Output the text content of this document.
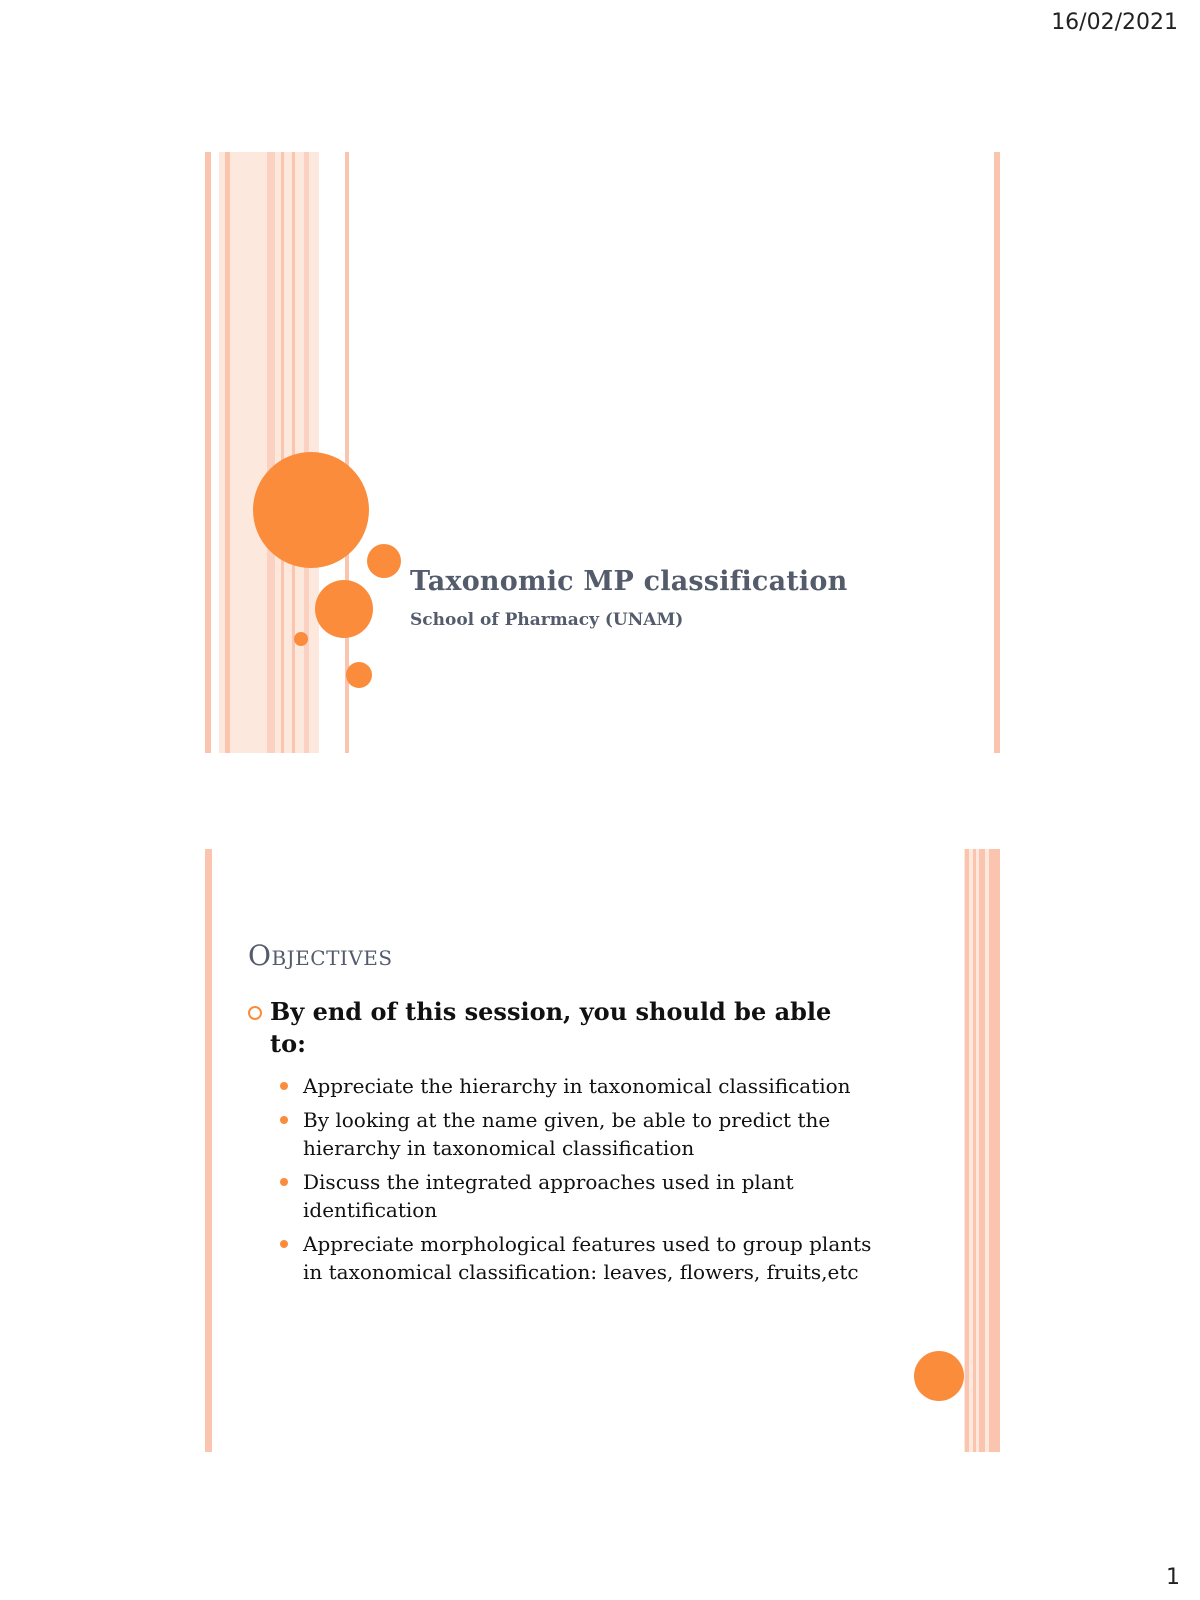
16/02/2021
1
Taxonomic MP classification
School of Pharmacy (UNAM)
Objectives
By end of this session, you should be able to:
Appreciate the hierarchy in taxonomical classification
By looking at the name given, be able to predict the hierarchy in taxonomical classification
Discuss the integrated approaches used in plant identification
Appreciate morphological features used to group plants in taxonomical classification: leaves, flowers, fruits,etc
